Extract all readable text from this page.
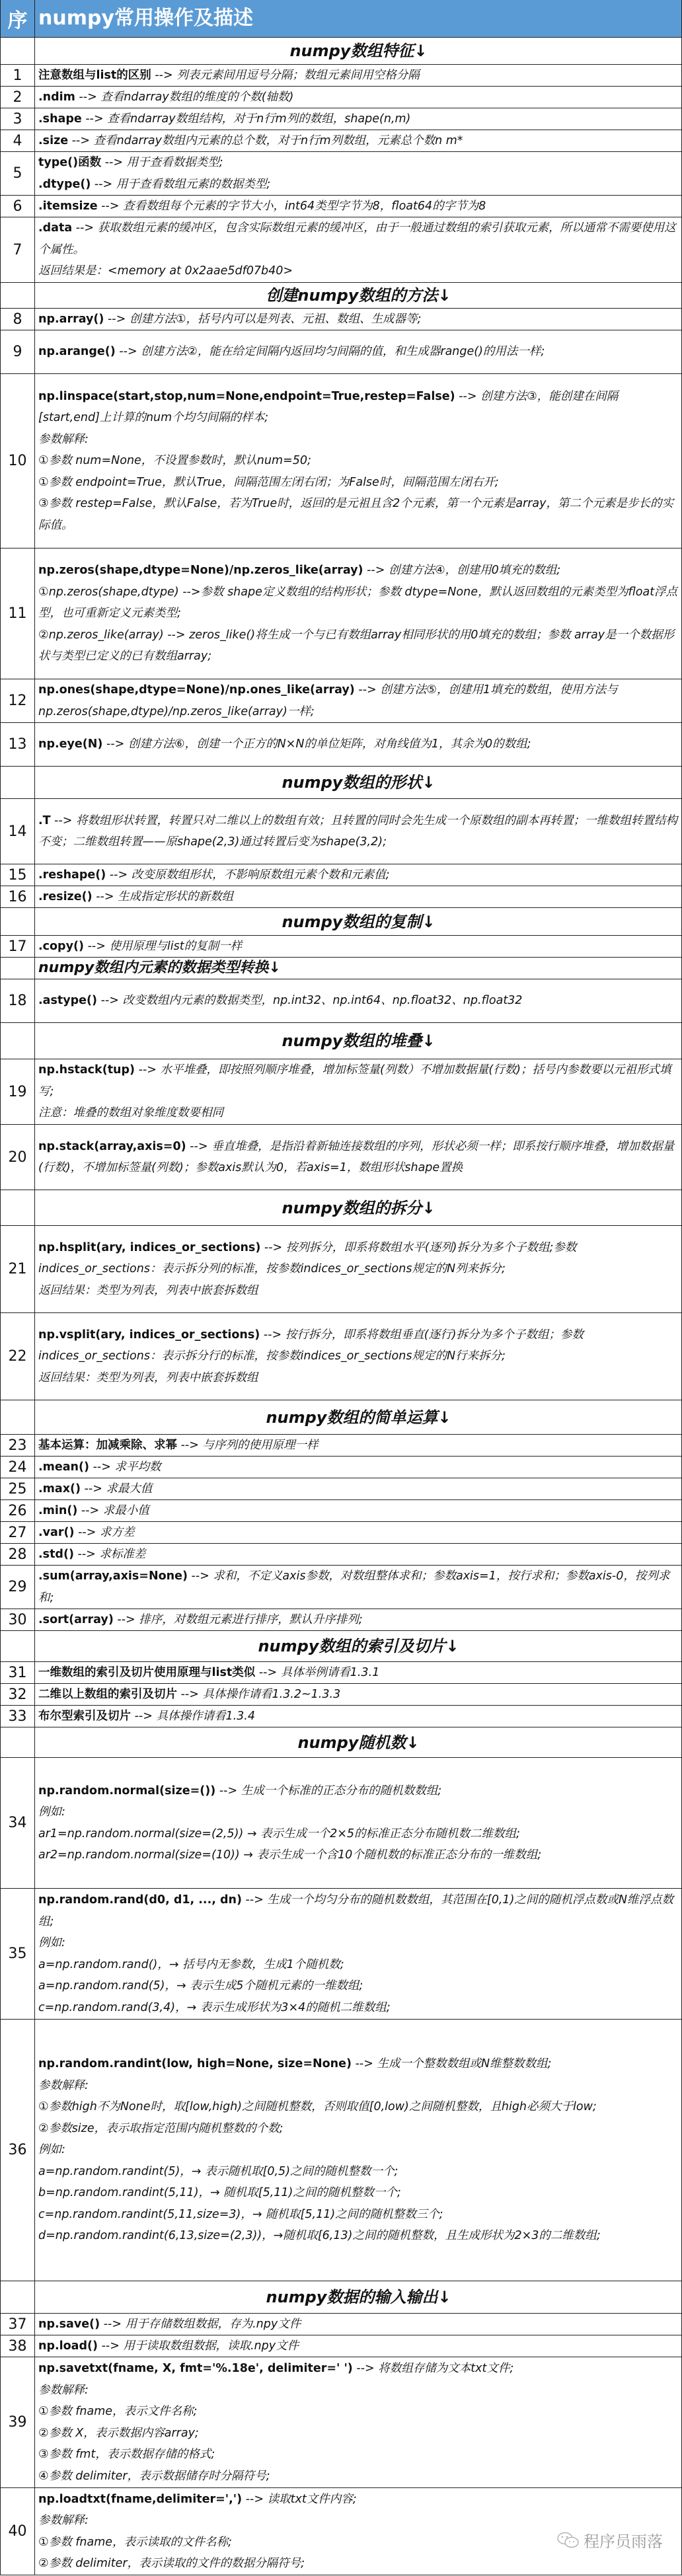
序 numpy常用操作及描述
numpy数组特征↓
1	注意数组与list的区别 --> 列表元素间用逗号分隔；数组元素间用空格分隔
2	.ndim --> 查看ndarray数组的维度的个数(轴数)
3	.shape --> 查看ndarray数组结构，对于n行m列的数组，shape(n,m)
4	.size --> 查看ndarray数组内元素的总个数，对于n行m列数组，元素总个数n m*
5
type()函数 --> 用于查看数据类型;
.dtype() --> 用于查看数组元素的数据类型;
6	.itemsize --> 查看数组每个元素的字节大小，int64类型字节为8，float64的字节为8
7
.data --> 获取数组元素的缓冲区，包含实际数组元素的缓冲区，由于一般通过数组的索引获取元素，所以通常不需要使用这个属性。
返回结果是：<memory at 0x2aae5df07b40>
创建numpy数组的方法↓
8	np.array() --> 创建方法①，括号内可以是列表、元祖、数组、生成器等;
9	np.arange() --> 创建方法②，能在给定间隔内返回均匀间隔的值，和生成器range()的用法一样;
10
np.linspace(start,stop,num=None,endpoint=True,restep=False) --> 创建方法③，能创建在间隔[start,end]上计算的num个均匀间隔的样本;
参数解释:
①参数 num=None，不设置参数时，默认num=50;
①参数 endpoint=True，默认True，间隔范围左闭右闭；为False时，间隔范围左闭右开;
③参数 restep=False，默认False，若为True时，返回的是元祖且含2个元素，第一个元素是array，第二个元素是步长的实际值。
11
np.zeros(shape,dtype=None)/np.zeros_like(array) --> 创建方法④，创建用0填充的数组;
①np.zeros(shape,dtype) -->参数 shape定义数组的结构形状；参数 dtype=None，默认返回数组的元素类型为float浮点型，也可重新定义元素类型;
②np.zeros_like(array) --> zeros_like()将生成一个与已有数组array相同形状的用0填充的数组；参数 array是一个数据形状与类型已定义的已有数组array;
12
np.ones(shape,dtype=None)/np.ones_like(array) --> 创建方法⑤，创建用1填充的数组，使用方法与np.zeros(shape,dtype)/np.zeros_like(array)一样;
13	np.eye(N) --> 创建方法⑥，创建一个正方的N×N的单位矩阵，对角线值为1，其余为0的数组;
numpy数组的形状↓
14
.T --> 将数组形状转置，转置只对二维以上的数组有效；且转置的同时会先生成一个原数组的副本再转置；一维数组转置结构不变；二维数组转置——原shape(2,3)通过转置后变为shape(3,2);
15	.reshape() --> 改变原数组形状，不影响原数组元素个数和元素值;
16	.resize() --> 生成指定形状的新数组
numpy数组的复制↓
17	.copy() --> 使用原理与list的复制一样
numpy数组内元素的数据类型转换↓
18	.astype() --> 改变数组内元素的数据类型，np.int32、np.int64、np.float32、np.float32
numpy数组的堆叠↓
19
np.hstack(tup) --> 水平堆叠，即按照列顺序堆叠，增加标签量(列数）不增加数据量(行数)；括号内参数要以元祖形式填写;
注意：堆叠的数组对象维度数要相同
20
np.stack(array,axis=0) --> 垂直堆叠，是指沿着新轴连接数组的序列，形状必须一样；即系按行顺序堆叠，增加数据量(行数)，不增加标签量(列数)；参数axis默认为0，若axis=1，数组形状shape置换
numpy数组的拆分↓
21
np.hsplit(ary, indices_or_sections) --> 按列拆分，即系将数组水平(逐列)拆分为多个子数组;参数indices_or_sections：表示拆分列的标准，按参数indices_or_sections规定的N列来拆分;
返回结果：类型为列表，列表中嵌套拆数组
22
np.vsplit(ary, indices_or_sections) --> 按行拆分，即系将数组垂直(逐行)拆分为多个子数组；参数indices_or_sections：表示拆分行的标准，按参数indices_or_sections规定的N行来拆分;
返回结果：类型为列表，列表中嵌套拆数组
numpy数组的简单运算↓
23	基本运算：加减乘除、求幂 --> 与序列的使用原理一样
24	.mean() --> 求平均数
25	.max() --> 求最大值
26	.min() --> 求最小值
27	.var() --> 求方差
28	.std() --> 求标准差
29
.sum(array,axis=None) --> 求和，不定义axis参数，对数组整体求和；参数axis=1，按行求和；参数axis-0，按列求和;
30	.sort(array) --> 排序，对数组元素进行排序，默认升序排列;
numpy数组的索引及切片↓
31	一维数组的索引及切片使用原理与list类似 --> 具体举例请看1.3.1
32	二维以上数组的索引及切片 --> 具体操作请看1.3.2~1.3.3
33	布尔型索引及切片 --> 具体操作请看1.3.4
numpy随机数↓
34
np.random.normal(size=()) --> 生成一个标准的正态分布的随机数数组;
例如:
ar1=np.random.normal(size=(2,5)) → 表示生成一个2×5的标准正态分布随机数二维数组;
ar2=np.random.normal(size=(10)) → 表示生成一个含10个随机数的标准正态分布的一维数组;
35
np.random.rand(d0, d1, ..., dn) --> 生成一个均匀分布的随机数数组，其范围在[0,1)之间的随机浮点数或N维浮点数组;
例如:
a=np.random.rand()，→ 括号内无参数，生成1个随机数;
a=np.random.rand(5)，→ 表示生成5个随机元素的一维数组;
c=np.random.rand(3,4)，→ 表示生成形状为3×4的随机二维数组;
36
np.random.randint(low, high=None, size=None) --> 生成一个整数数组或N维整数数组;
参数解释:
①参数high不为None时，取[low,high)之间随机整数，否则取值[0,low)之间随机整数，且high必须大于low;
②参数size，表示取指定范围内随机整数的个数;
例如:
a=np.random.randint(5)，→ 表示随机取[0,5)之间的随机整数一个;
b=np.random.randint(5,11)，→ 随机取[5,11)之间的随机整数一个;
c=np.random.randint(5,11,size=3)，→ 随机取[5,11)之间的随机整数三个;
d=np.random.randint(6,13,size=(2,3))，→随机取[6,13)之间的随机整数，且生成形状为2×3的二维数组;
numpy数据的输入输出↓
37	np.save() --> 用于存储数组数据，存为.npy文件
38	np.load() --> 用于读取数组数据，读取.npy文件
39
np.savetxt(fname, X, fmt='%.18e', delimiter=' ') --> 将数组存储为文本txt文件;
参数解释:
①参数 fname，表示文件名称;
②参数 X，表示数据内容array;
③参数 fmt，表示数据存储的格式;
④参数 delimiter，表示数据储存时分隔符号;
40
np.loadtxt(fname,delimiter=',') --> 读取txt文件内容;
参数解释:
①参数 fname，表示读取的文件名称;
②参数 delimiter，表示读取的文件的数据分隔符号;
程序员雨落
